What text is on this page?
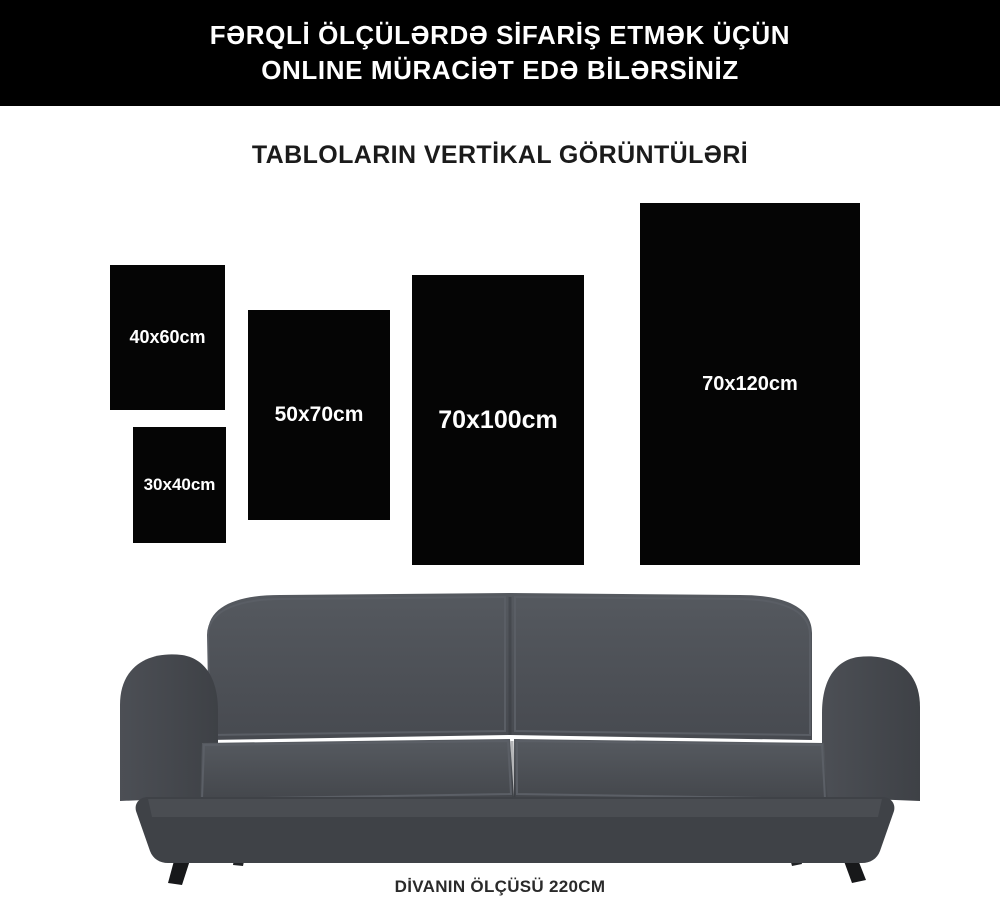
FƏRQLİ ÖLÇÜLƏRDƏ SİFARİŞ ETMƏK ÜÇÜN
ONLINE MÜRACİƏT EDƏ BİLƏRSİNİZ
TABLOLARIN VERTİKAL GÖRÜNTÜLƏRİ
40x60cm
30x40cm
50x70cm	70x100cm
70x120cm
DİVANIN ÖLÇÜSÜ 220CM
